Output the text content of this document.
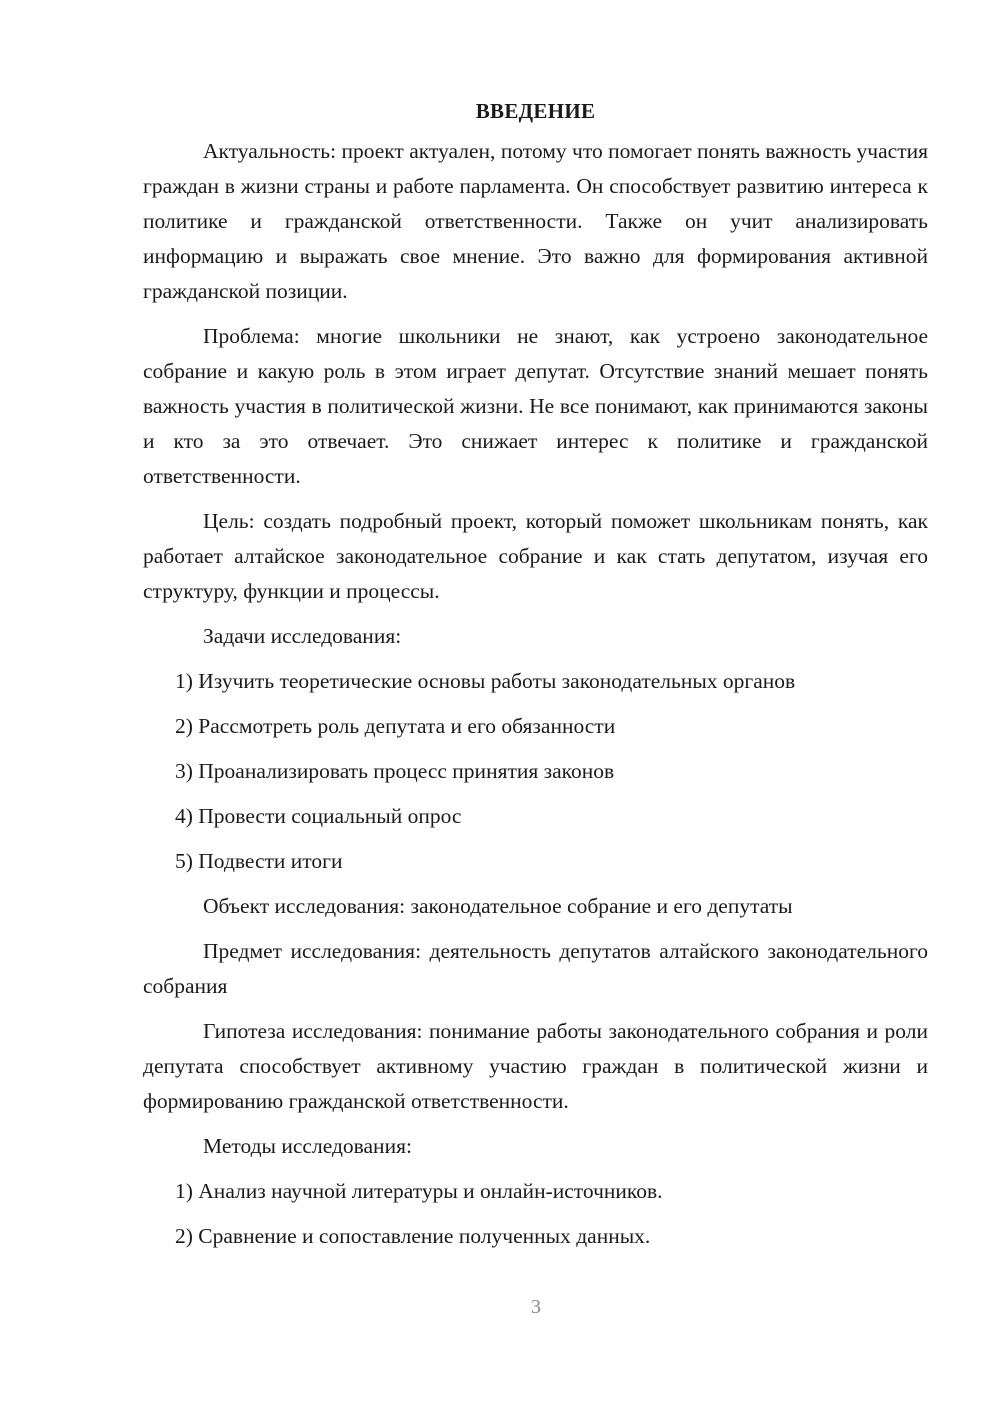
ВВЕДЕНИЕ

Актуальность: проект актуален, потому что помогает понять важность участия граждан в жизни страны и работе парламента. Он способствует развитию интереса к политике и гражданской ответственности. Также он учит анализировать информацию и выражать свое мнение. Это важно для формирования активной гражданской позиции.

Проблема: многие школьники не знают, как устроено законодательное собрание и какую роль в этом играет депутат. Отсутствие знаний мешает понять важность участия в политической жизни. Не все понимают, как принимаются законы и кто за это отвечает. Это снижает интерес к политике и гражданской ответственности.

Цель: создать подробный проект, который поможет школьникам понять, как работает алтайское законодательное собрание и как стать депутатом, изучая его структуру, функции и процессы.

Задачи исследования:

1) Изучить теоретические основы работы законодательных органов
2) Рассмотреть роль депутата и его обязанности
3) Проанализировать процесс принятия законов
4) Провести социальный опрос
5) Подвести итоги

Объект исследования: законодательное собрание и его депутаты

Предмет исследования: деятельность депутатов алтайского законодательного собрания

Гипотеза исследования: понимание работы законодательного собрания и роли депутата способствует активному участию граждан в политической жизни и формированию гражданской ответственности.

Методы исследования:

1) Анализ научной литературы и онлайн-источников.
2) Сравнение и сопоставление полученных данных.
3
